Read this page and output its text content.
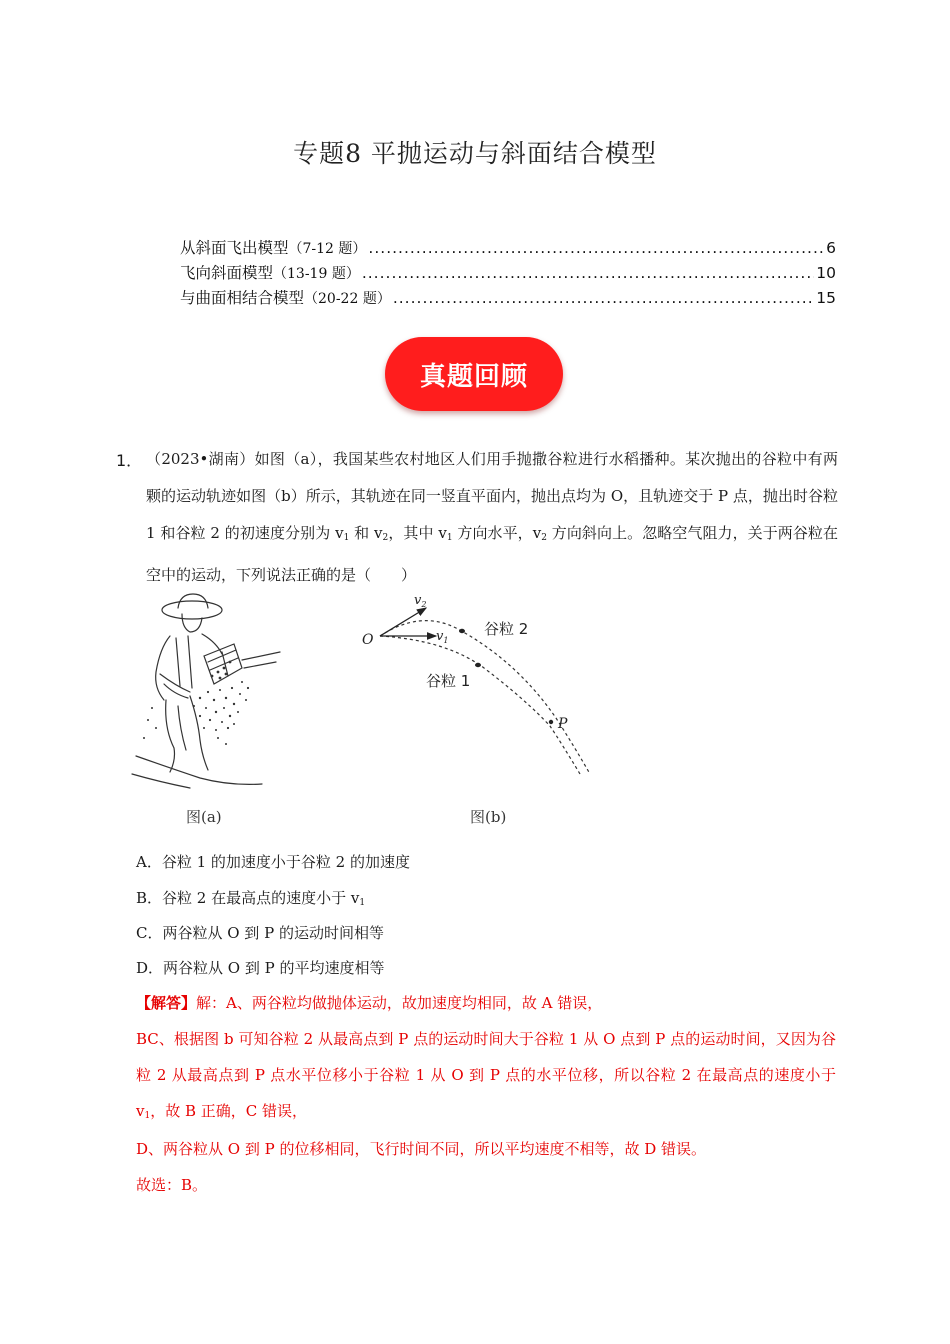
专题8 平抛运动与斜面结合模型
从斜面飞出模型 （7-12 题） .....	6
飞向斜面模型 （13-19 题） .....	10
与曲面相结合模型 （20-22 题） .....	15
真题回顾
1． （2023•湖南）如图（a），我国某些农村地区人们用手抛撒谷粒进行水稻播种。某次抛出的谷粒中有两颗的运动轨迹如图（b）所示，其轨迹在同一竖直平面内，抛出点均为 O，且轨迹交于 P 点，抛出时谷粒 1 和谷粒 2 的初速度分别为 $v_1$ 和 $v_2$，其中 $v_1$ 方向水平，$v_2$ 方向斜向上。忽略空气阻力，关于两谷粒在空中的运动，下列说法正确的是（　　）
图(a)
O
$v_2$
$v_1$
谷粒 2
谷粒 1
P
图(b)
A．谷粒 1 的加速度小于谷粒 2 的加速度
B．谷粒 2 在最高点的速度小于 $v_1$
C．两谷粒从 O 到 P 的运动时间相等
D．两谷粒从 O 到 P 的平均速度相等
【解答】解：A、两谷粒均做抛体运动，故加速度均相同，故 A 错误，
BC、根据图 b 可知谷粒 2 从最高点到 P 点的运动时间大于谷粒 1 从 O 点到 P 点的运动时间，又因为谷粒 2 从最高点到 P 点水平位移小于谷粒 1 从 O 到 P 点的水平位移，所以谷粒 2 在最高点的速度小于 $v_1$，故 B 正确，C 错误，
D、两谷粒从 O 到 P 的位移相同，飞行时间不同，所以平均速度不相等，故 D 错误。
故选：B。
